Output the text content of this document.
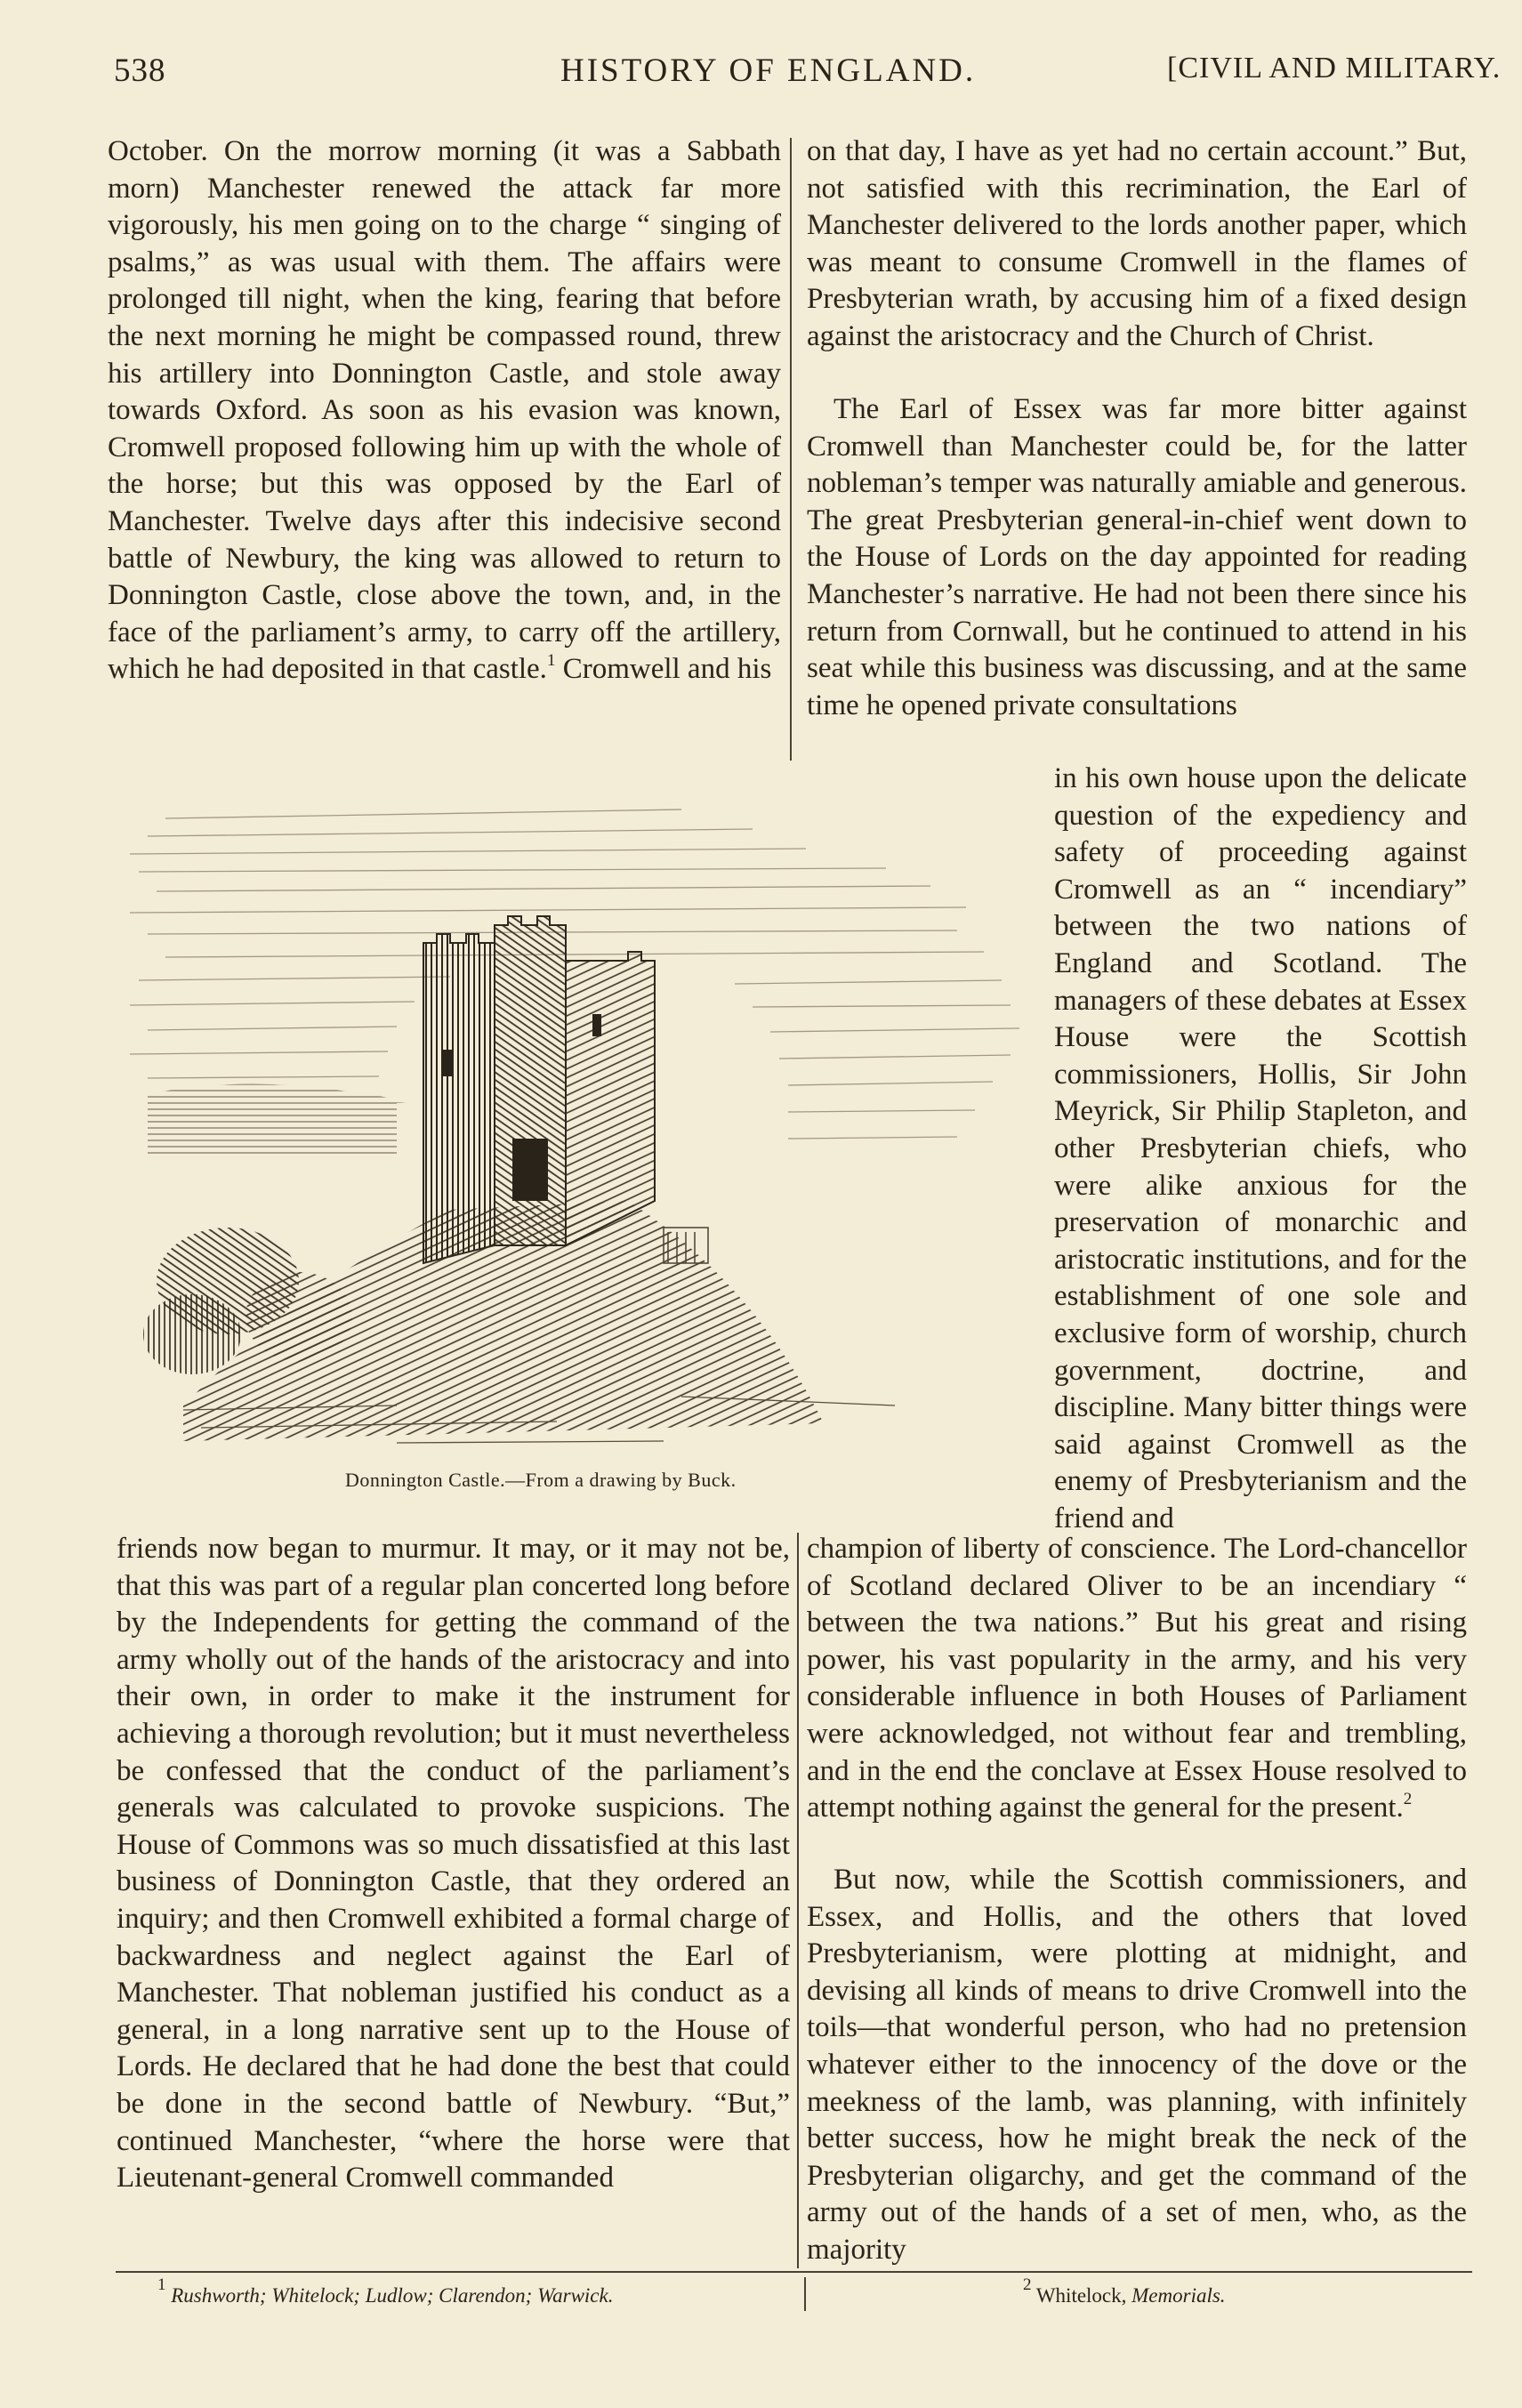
538	HISTORY OF ENGLAND.	[CIVIL AND MILITARY.

October. On the morrow morning (it was a Sabbath morn) Manchester renewed the attack far more vigorously, his men going on to the charge “ singing of psalms,” as was usual with them. The affairs were prolonged till night, when the king, fearing that before the next morning he might be compassed round, threw his artillery into Donnington Castle, and stole away towards Oxford. As soon as his evasion was known, Cromwell proposed following him up with the whole of the horse; but this was opposed by the Earl of Manchester. Twelve days after this indecisive second battle of Newbury, the king was allowed to return to Donnington Castle, close above the town, and, in the face of the parliament’s army, to carry off the artillery, which he had deposited in that castle.$^1$ Cromwell and his

on that day, I have as yet had no certain account.” But, not satisfied with this recrimination, the Earl of Manchester delivered to the lords another paper, which was meant to consume Cromwell in the flames of Presbyterian wrath, by accusing him of a fixed design against the aristocracy and the Church of Christ.

The Earl of Essex was far more bitter against Cromwell than Manchester could be, for the latter nobleman’s temper was naturally amiable and generous. The great Presbyterian general-in-chief went down to the House of Lords on the day appointed for reading Manchester’s narrative. He had not been there since his return from Cornwall, but he continued to attend in his seat while this business was discussing, and at the same time he opened private consultations

in his own house upon the delicate question of the expediency and safety of proceeding against Cromwell as an “ incendiary” between the two nations of England and Scotland. The managers of these debates at Essex House were the Scottish commissioners, Hollis, Sir John Meyrick, Sir Philip Stapleton, and other Presbyterian chiefs, who were alike anxious for the preservation of monarchic and aristocratic institutions, and for the establishment of one sole and exclusive form of worship, church government, doctrine, and discipline. Many bitter things were said against Cromwell as the enemy of Presbyterianism and the friend and

Donnington Castle.—From a drawing by Buck.

champion of liberty of conscience. The Lord-chancellor of Scotland declared Oliver to be an incendiary “ between the twa nations.” But his great and rising power, his vast popularity in the army, and his very considerable influence in both Houses of Parliament were acknowledged, not without fear and trembling, and in the end the conclave at Essex House resolved to attempt nothing against the general for the present.$^2$

But now, while the Scottish commissioners, and Essex, and Hollis, and the others that loved Presbyterianism, were plotting at midnight, and devising all kinds of means to drive Cromwell into the toils—that wonderful person, who had no pretension whatever either to the innocency of the dove or the meekness of the lamb, was planning, with infinitely better success, how he might break the neck of the Presbyterian oligarchy, and get the command of the army out of the hands of a set of men, who, as the majority

friends now began to murmur. It may, or it may not be, that this was part of a regular plan concerted long before by the Independents for getting the command of the army wholly out of the hands of the aristocracy and into their own, in order to make it the instrument for achieving a thorough revolution; but it must nevertheless be confessed that the conduct of the parliament’s generals was calculated to provoke suspicions. The House of Commons was so much dissatisfied at this last business of Donnington Castle, that they ordered an inquiry; and then Cromwell exhibited a formal charge of backwardness and neglect against the Earl of Manchester. That nobleman justified his conduct as a general, in a long narrative sent up to the House of Lords. He declared that he had done the best that could be done in the second battle of Newbury. “But,” continued Manchester, “where the horse were that Lieutenant-general Cromwell commanded

$^1$ Rushworth; Whitelock; Ludlow; Clarendon; Warwick.	$^2$ Whitelock, Memorials.
